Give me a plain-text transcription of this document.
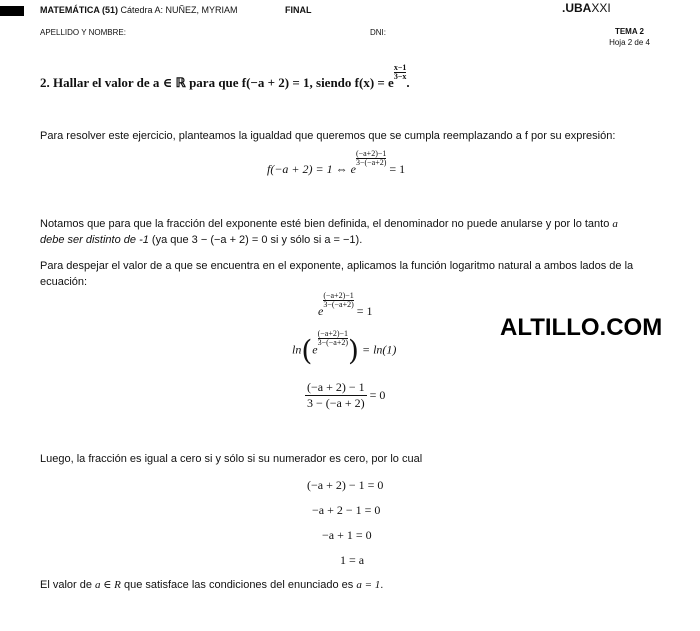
MATEMÁTICA (51) Cátedra A: NUÑEZ, MYRIAM	FINAL	.UBAXXI
APELLIDO Y NOMBRE:	DNI:	TEMA 2
Hoja 2 de 4
2. Hallar el valor de a ∈ ℝ para que f(−a + 2) = 1, siendo f(x) = e
$\frac{x-1}{3-x}$
.
Para resolver este ejercicio, planteamos la igualdad que queremos que se cumpla reemplazando a f por su expresión:
f(−a + 2) = 1 ⇔ e
$\frac{(-a+2)-1}{3-(-a+2)}$
= 1
Notamos que para que la fracción del exponente esté bien definida, el denominador no puede anularse y por lo tanto a
debe ser distinto de -1 (ya que 3 − (−a + 2) = 0 si y sólo si a = −1).
Para despejar el valor de a que se encuentra en el exponente, aplicamos la función logaritmo natural a ambos lados de la ecuación:
e
$\frac{(-a+2)-1}{3-(-a+2)}$
= 1
ln(e
$\frac{(-a+2)-1}{3-(-a+2)}$ ) = ln(1)
$\frac{(-a + 2) - 1}{3 - (-a + 2)} = 0$
Luego, la fracción es igual a cero si y sólo si su numerador es cero, por lo cual
(−a + 2) − 1 = 0
−a + 2 − 1 = 0
−a + 1 = 0
1 = a
El valor de a ∈ R que satisface las condiciones del enunciado es a = 1.
ALTILLO.COM
